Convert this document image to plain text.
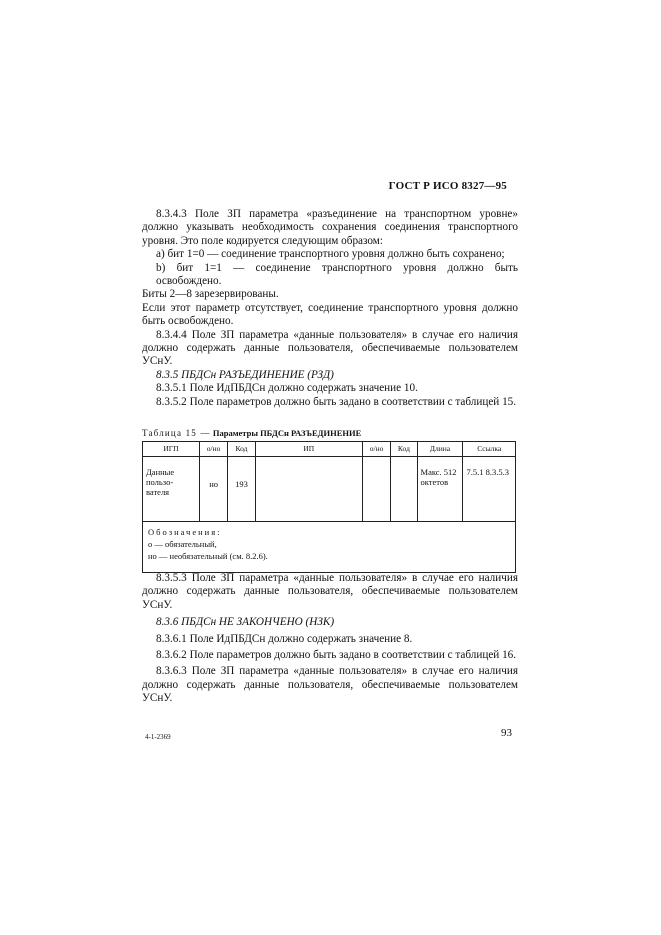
ГОСТ Р ИСО 8327—95

8.3.4.3 Поле ЗП параметра «разъединение на транспортном уровне» должно указывать необходимость сохранения соединения транспортного уровня. Это поле кодируется следующим образом:

a) бит 1=0 — соединение транспортного уровня должно быть сохранено;

b) бит 1=1 — соединение транспортного уровня должно быть освобождено.

Биты 2—8 зарезервированы.

Если этот параметр отсутствует, соединение транспортного уровня должно быть освобождено.

8.3.4.4 Поле ЗП параметра «данные пользователя» в случае его наличия должно содержать данные пользователя, обеспечиваемые пользователем УСнУ.

8.3.5 ПБДСн РАЗЪЕДИНЕНИЕ (РЗД)

8.3.5.1 Поле ИдПБДСн должно содержать значение 10.

8.3.5.2 Поле параметров должно быть задано в соответствии с таблицей 15.

Таблица 15 — Параметры ПБДСн РАЗЪЕДИНЕНИЕ
ИГП	о/но	Код	ИП	о/но	Код	Длина	Ссылка
Данные пользо-вателя	но	193				Макс. 512 октетов	7.5.1 8.3.5.3

Обозначения:
о — обязательный,
но — необязательный (см. 8.2.6).							

8.3.5.3 Поле ЗП параметра «данные пользователя» в случае его наличия должно содержать данные пользователя, обеспечиваемые пользователем УСнУ.

8.3.6 ПБДСн НЕ ЗАКОНЧЕНО (НЗК)

8.3.6.1 Поле ИдПБДСн должно содержать значение 8.

8.3.6.2 Поле параметров должно быть задано в соответствии с таблицей 16.

8.3.6.3 Поле ЗП параметра «данные пользователя» в случае его наличия должно содержать данные пользователя, обеспечиваемые пользователем УСнУ.

4-1-2369	93
